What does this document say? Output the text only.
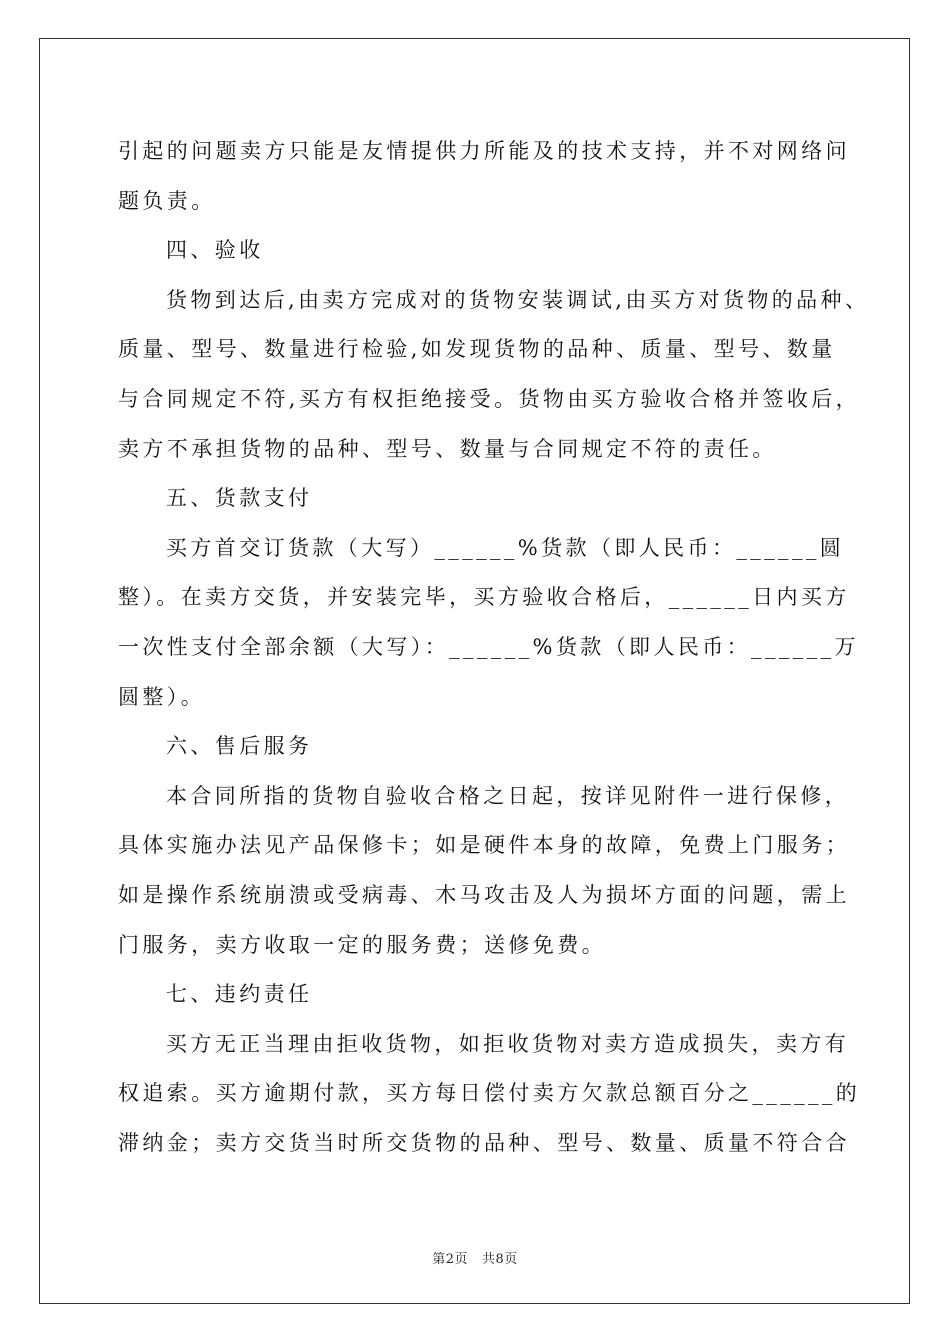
引起的问题卖方只能是友情提供力所能及的技术支持，并不对网络问
题负责。
四、验收
货物到达后,由卖方完成对的货物安装调试,由买方对货物的品种、
质量、型号、数量进行检验,如发现货物的品种、质量、型号、数量
与合同规定不符,买方有权拒绝接受。货物由买方验收合格并签收后，
卖方不承担货物的品种、型号、数量与合同规定不符的责任。
五、货款支付
买方首交订货款（大写）______%货款（即人民币：______圆
整）。在卖方交货，并安装完毕，买方验收合格后，______日内买方
一次性支付全部余额（大写）：______%货款（即人民币：______万
圆整）。
六、售后服务
本合同所指的货物自验收合格之日起，按详见附件一进行保修，
具体实施办法见产品保修卡；如是硬件本身的故障，免费上门服务；
如是操作系统崩溃或受病毒、木马攻击及人为损坏方面的问题，需上
门服务，卖方收取一定的服务费；送修免费。
七、违约责任
买方无正当理由拒收货物，如拒收货物对卖方造成损失，卖方有
权追索。买方逾期付款，买方每日偿付卖方欠款总额百分之______的
滞纳金；卖方交货当时所交货物的品种、型号、数量、质量不符合合
第2页 共8页
